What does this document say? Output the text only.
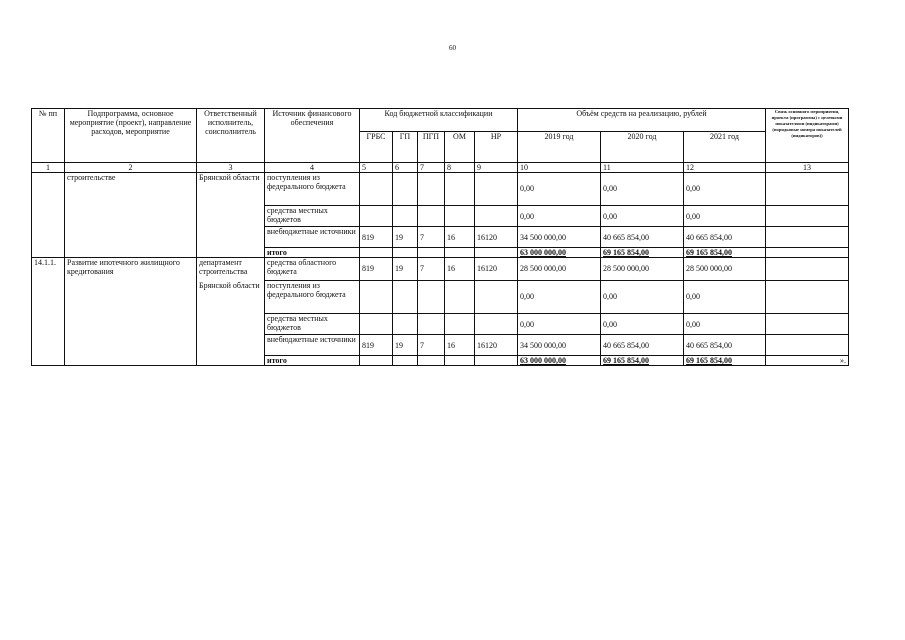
60
№ пп	Подпрограмма, основное мероприятие (проект), направление расходов, мероприятие	Ответственный исполнитель, соисполнитель	Источник финансового обеспечения	Код бюджетной классификации					Объём средств на реализацию, рублей			Связь основного мероприятия, проекта (программы) с целевыми показателями (индикаторами) (порядковые номера показателей (индикаторов))
				ГРБС	ГП	ПГП	ОМ	НР	2019 год	2020 год	2021 год	
1	2	3	4	5	6	7	8	9	10	11	12	13
	строительстве	Брянской области	поступления из федерального бюджета						0,00	0,00	0,00	
			средства местных бюджетов						0,00	0,00	0,00	
			внебюджетные источники	819	19	7	16	16120	34 500 000,00	40 665 854,00	40 665 854,00	
			итого						63 000 000,00	69 165 854,00	69 165 854,00	
14.1.1.	Развитие ипотечного жилищного кредитования	департамент строительства	средства областного бюджета	819	19	7	16	16120	28 500 000,00	28 500 000,00	28 500 000,00	
		Брянской области	поступления из федерального бюджета						0,00	0,00	0,00	
			средства местных бюджетов						0,00	0,00	0,00	
			внебюджетные источники	819	19	7	16	16120	34 500 000,00	40 665 854,00	40 665 854,00	
			итого						63 000 000,00	69 165 854,00	69 165 854,00	».
